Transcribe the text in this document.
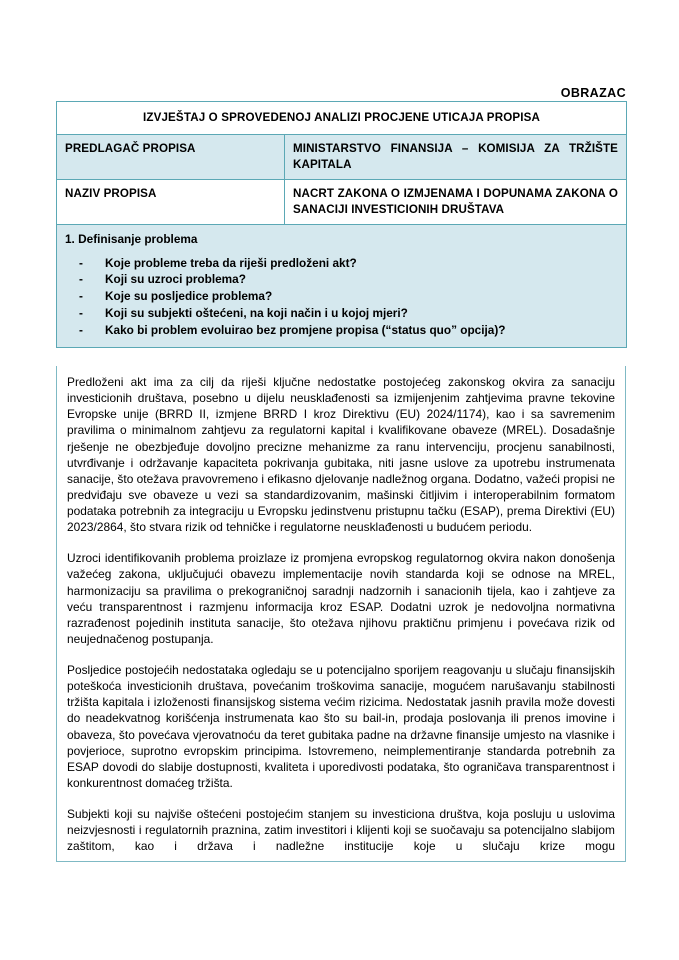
OBRAZAC
IZVJEŠTAJ O SPROVEDENOJ ANALIZI PROCJENE UTICAJA PROPISA	
PREDLAGAČ PROPISA	MINISTARSTVO FINANSIJA – KOMISIJA ZA TRŽIŠTE KAPITALA
NAZIV PROPISA	NACRT ZAKONA O IZMJENAMA I DOPUNAMA ZAKONA O SANACIJI INVESTICIONIH DRUŠTAVA

1. Definisanje problema
-	Koje probleme treba da riješi predloženi akt?
-	Koji su uzroci problema?
-	Koje su posljedice problema?
-	Koji su subjekti oštećeni, na koji način i u kojoj mjeri?
-	Kako bi problem evoluirao bez promjene propisa (“status quo” opcija)?

Predloženi akt ima za cilj da riješi ključne nedostatke postojećeg zakonskog okvira za sanaciju investicionih društava, posebno u dijelu neusklađenosti sa izmijenjenim zahtjevima pravne tekovine Evropske unije (BRRD II, izmjene BRRD I kroz Direktivu (EU) 2024/1174), kao i sa savremenim pravilima o minimalnom zahtjevu za regulatorni kapital i kvalifikovane obaveze (MREL). Dosadašnje rješenje ne obezbjeđuje dovoljno precizne mehanizme za ranu intervenciju, procjenu sanabilnosti, utvrđivanje i održavanje kapaciteta pokrivanja gubitaka, niti jasne uslove za upotrebu instrumenata sanacije, što otežava pravovremeno i efikasno djelovanje nadležnog organa. Dodatno, važeći propisi ne predviđaju sve obaveze u vezi sa standardizovanim, mašinski čitljivim i interoperabilnim formatom podataka potrebnih za integraciju u Evropsku jedinstvenu pristupnu tačku (ESAP), prema Direktivi (EU) 2023/2864, što stvara rizik od tehničke i regulatorne neusklađenosti u budućem periodu.

Uzroci identifikovanih problema proizlaze iz promjena evropskog regulatornog okvira nakon donošenja važećeg zakona, uključujući obavezu implementacije novih standarda koji se odnose na MREL, harmonizaciju sa pravilima o prekograničnoj saradnji nadzornih i sanacionih tijela, kao i zahtjeve za veću transparentnost i razmjenu informacija kroz ESAP. Dodatni uzrok je nedovoljna normativna razrađenost pojedinih instituta sanacije, što otežava njihovu praktičnu primjenu i povećava rizik od neujednačenog postupanja.

Posljedice postojećih nedostataka ogledaju se u potencijalno sporijem reagovanju u slučaju finansijskih poteškoća investicionih društava, povećanim troškovima sanacije, mogućem narušavanju stabilnosti tržišta kapitala i izloženosti finansijskog sistema većim rizicima. Nedostatak jasnih pravila može dovesti do neadekvatnog korišćenja instrumenata kao što su bail-in, prodaja poslovanja ili prenos imovine i obaveza, što povećava vjerovatnoću da teret gubitaka padne na državne finansije umjesto na vlasnike i povjerioce, suprotno evropskim principima. Istovremeno, neimplementiranje standarda potrebnih za ESAP dovodi do slabije dostupnosti, kvaliteta i uporedivosti podataka, što ograničava transparentnost i konkurentnost domaćeg tržišta.

Subjekti koji su najviše oštećeni postojećim stanjem su investiciona društva, koja posluju u uslovima neizvjesnosti i regulatornih praznina, zatim investitori i klijenti koji se suočavaju sa potencijalno slabijom zaštitom, kao i država i nadležne institucije koje u slučaju krize mogu
